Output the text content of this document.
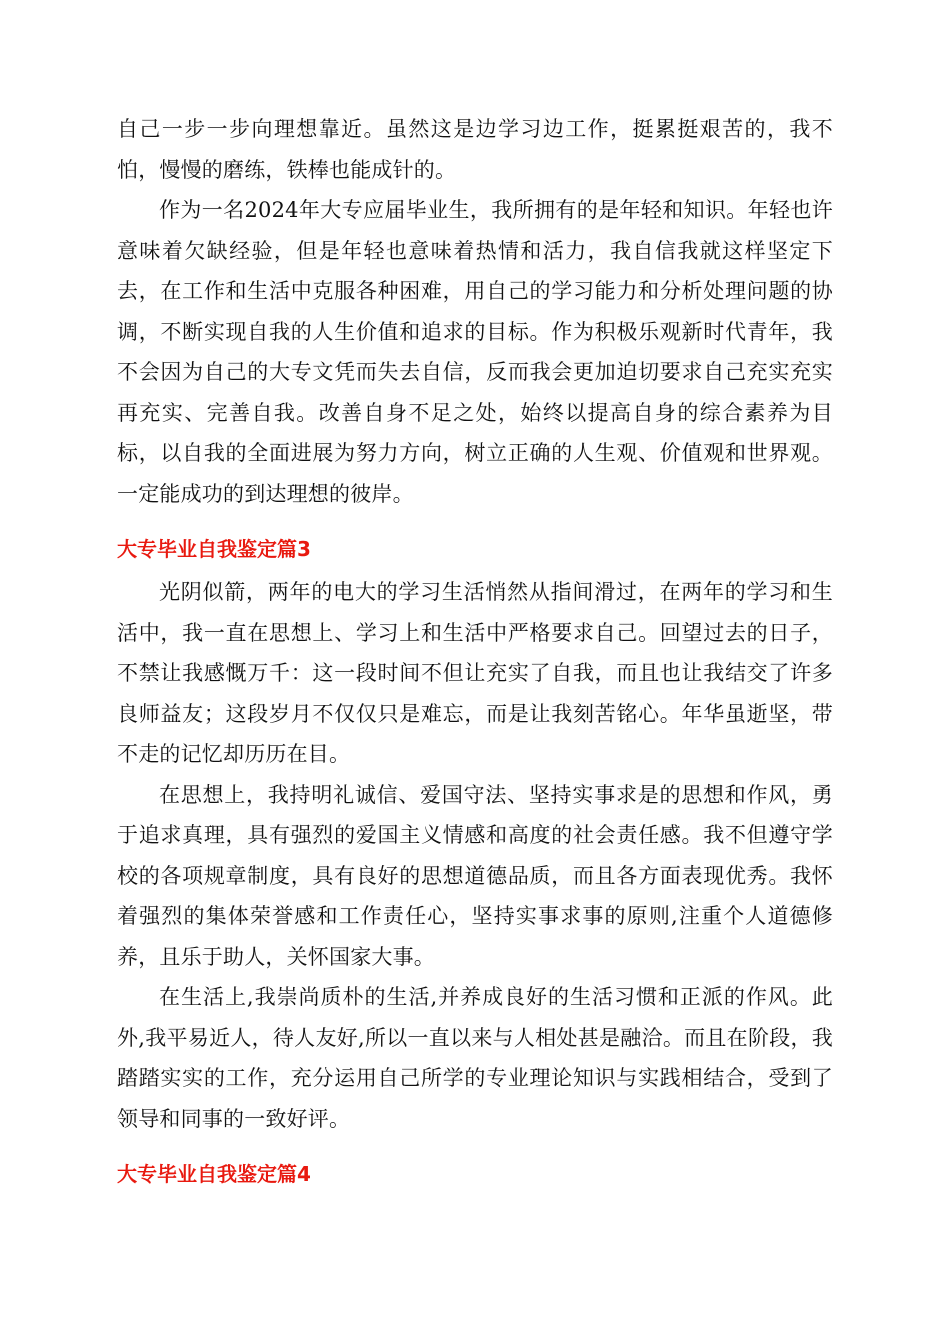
自己一步一步向理想靠近。虽然这是边学习边工作，挺累挺艰苦的，我不怕，慢慢的磨练，铁棒也能成针的。

作为一名2024年大专应届毕业生，我所拥有的是年轻和知识。年轻也许意味着欠缺经验，但是年轻也意味着热情和活力，我自信我就这样坚定下去，在工作和生活中克服各种困难，用自己的学习能力和分析处理问题的协调，不断实现自我的人生价值和追求的目标。作为积极乐观新时代青年，我不会因为自己的大专文凭而失去自信，反而我会更加迫切要求自己充实充实再充实、完善自我。改善自身不足之处，始终以提高自身的综合素养为目标，以自我的全面进展为努力方向，树立正确的人生观、价值观和世界观。一定能成功的到达理想的彼岸。

大专毕业自我鉴定篇3

光阴似箭，两年的电大的学习生活悄然从指间滑过，在两年的学习和生活中，我一直在思想上、学习上和生活中严格要求自己。回望过去的日子，不禁让我感慨万千：这一段时间不但让充实了自我，而且也让我结交了许多良师益友；这段岁月不仅仅只是难忘，而是让我刻苦铭心。年华虽逝坚，带不走的记忆却历历在目。

在思想上，我持明礼诚信、爱国守法、坚持实事求是的思想和作风，勇于追求真理，具有强烈的爱国主义情感和高度的社会责任感。我不但遵守学校的各项规章制度，具有良好的思想道德品质，而且各方面表现优秀。我怀着强烈的集体荣誉感和工作责任心，坚持实事求事的原则,注重个人道德修养，且乐于助人，关怀国家大事。

在生活上,我崇尚质朴的生活,并养成良好的生活习惯和正派的作风。此外,我平易近人，待人友好,所以一直以来与人相处甚是融洽。而且在阶段，我踏踏实实的工作，充分运用自己所学的专业理论知识与实践相结合，受到了领导和同事的一致好评。

大专毕业自我鉴定篇4
